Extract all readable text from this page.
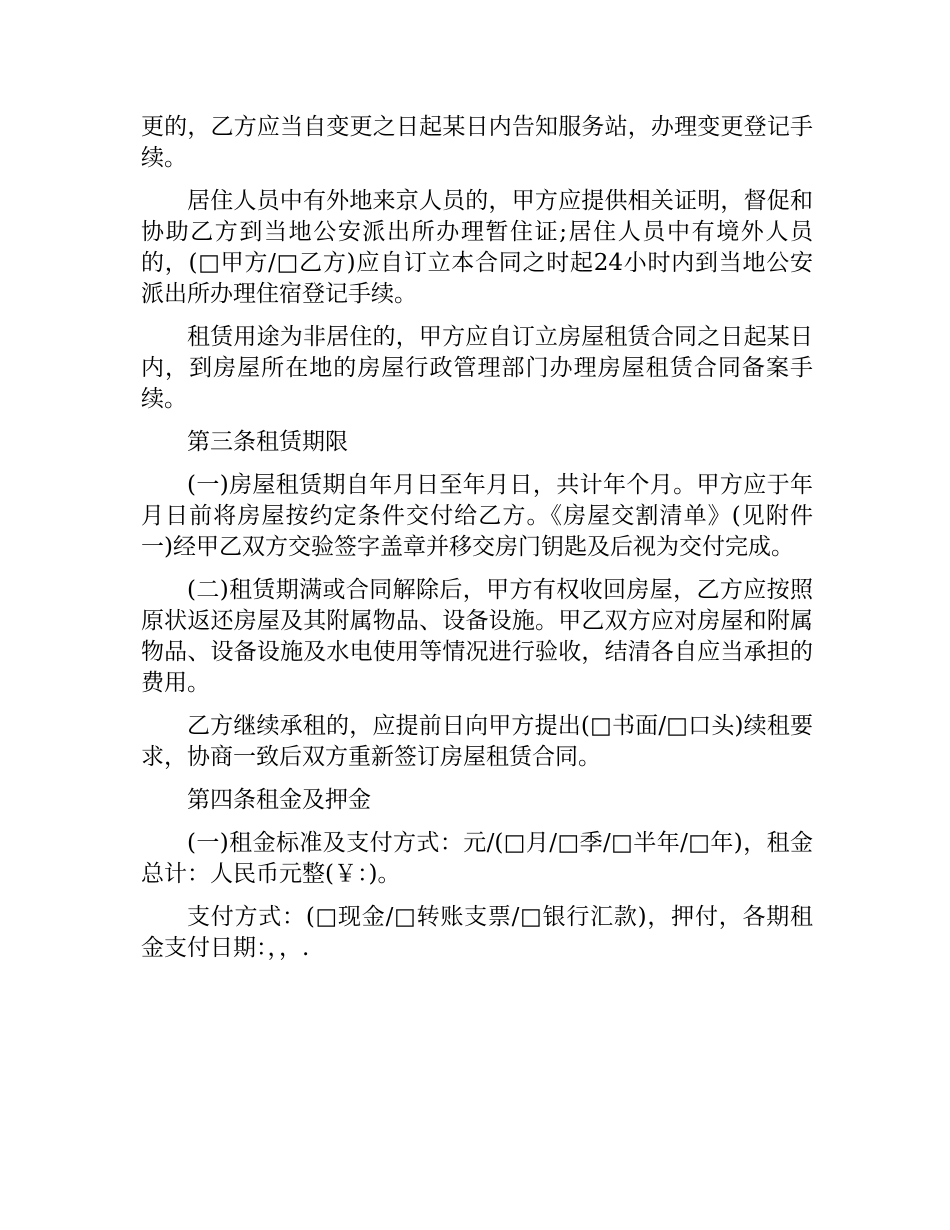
更的，乙方应当自变更之日起某日内告知服务站，办理变更登记手续。

居住人员中有外地来京人员的，甲方应提供相关证明，督促和协助乙方到当地公安派出所办理暂住证;居住人员中有境外人员的，(□甲方/□乙方)应自订立本合同之时起24小时内到当地公安派出所办理住宿登记手续。

租赁用途为非居住的，甲方应自订立房屋租赁合同之日起某日内，到房屋所在地的房屋行政管理部门办理房屋租赁合同备案手续。

第三条租赁期限

(一)房屋租赁期自年月日至年月日，共计年个月。甲方应于年月日前将房屋按约定条件交付给乙方。《房屋交割清单》(见附件一)经甲乙双方交验签字盖章并移交房门钥匙及后视为交付完成。

(二)租赁期满或合同解除后，甲方有权收回房屋，乙方应按照原状返还房屋及其附属物品、设备设施。甲乙双方应对房屋和附属物品、设备设施及水电使用等情况进行验收，结清各自应当承担的费用。

乙方继续承租的，应提前日向甲方提出(□书面/□口头)续租要求，协商一致后双方重新签订房屋租赁合同。

第四条租金及押金

(一)租金标准及支付方式：元/(□月/□季/□半年/□年)，租金总计：人民币元整(￥：)。

支付方式：(□现金/□转账支票/□银行汇款)，押付，各期租金支付日期：，，.
